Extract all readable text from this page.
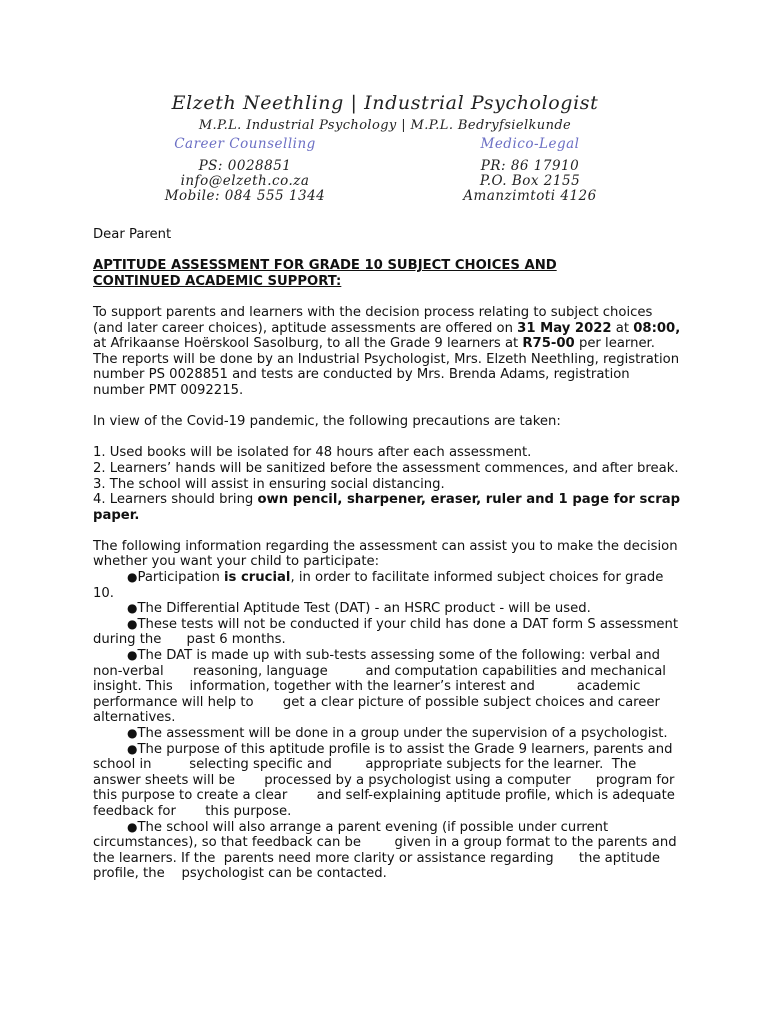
Elzeth Neethling | Industrial Psychologist
M.P.L. Industrial Psychology | M.P.L. Bedryfsielkunde
Career Counselling
PS: 0028851
info@elzeth.co.za
Mobile: 084 555 1344
Medico-Legal
PR: 86 17910
P.O. Box 2155
Amanzimtoti 4126

Dear Parent

APTITUDE ASSESSMENT FOR GRADE 10 SUBJECT CHOICES AND
CONTINUED ACADEMIC SUPPORT:

To support parents and learners with the decision process relating to subject choices (and later career choices), aptitude assessments are offered on 31 May 2022 at 08:00, at Afrikaanse Hoërskool Sasolburg, to all the Grade 9 learners at R75-00 per learner. The reports will be done by an Industrial Psychologist, Mrs. Elzeth Neethling, registration number PS 0028851 and tests are conducted by Mrs. Brenda Adams, registration number PMT 0092215.

In view of the Covid-19 pandemic, the following precautions are taken:

1. Used books will be isolated for 48 hours after each assessment.

2. Learners’ hands will be sanitized before the assessment commences, and after break.

3. The school will assist in ensuring social distancing.

4. Learners should bring own pencil, sharpener, eraser, ruler and 1 page for scrap paper.

The following information regarding the assessment can assist you to make the decision whether you want your child to participate:

●Participation is crucial, in order to facilitate informed subject choices for grade 10.

●The Differential Aptitude Test (DAT) - an HSRC product - will be used.

●These tests will not be conducted if your child has done a DAT form S assessment during the      past 6 months.

●The DAT is made up with sub-tests assessing some of the following: verbal and non-verbal       reasoning, language         and computation capabilities and mechanical insight. This    information, together with the learner’s interest and          academic performance will help to       get a clear picture of possible subject choices and career alternatives.

●The assessment will be done in a group under the supervision of a psychologist.

●The purpose of this aptitude profile is to assist the Grade 9 learners, parents and school in         selecting specific and        appropriate subjects for the learner.  The answer sheets will be       processed by a psychologist using a computer      program for this purpose to create a clear       and self-explaining aptitude profile, which is adequate feedback for       this purpose.

●The school will also arrange a parent evening (if possible under current circumstances), so that feedback can be        given in a group format to the parents and the learners. If the  parents need more clarity or assistance regarding      the aptitude profile, the    psychologist can be contacted.
